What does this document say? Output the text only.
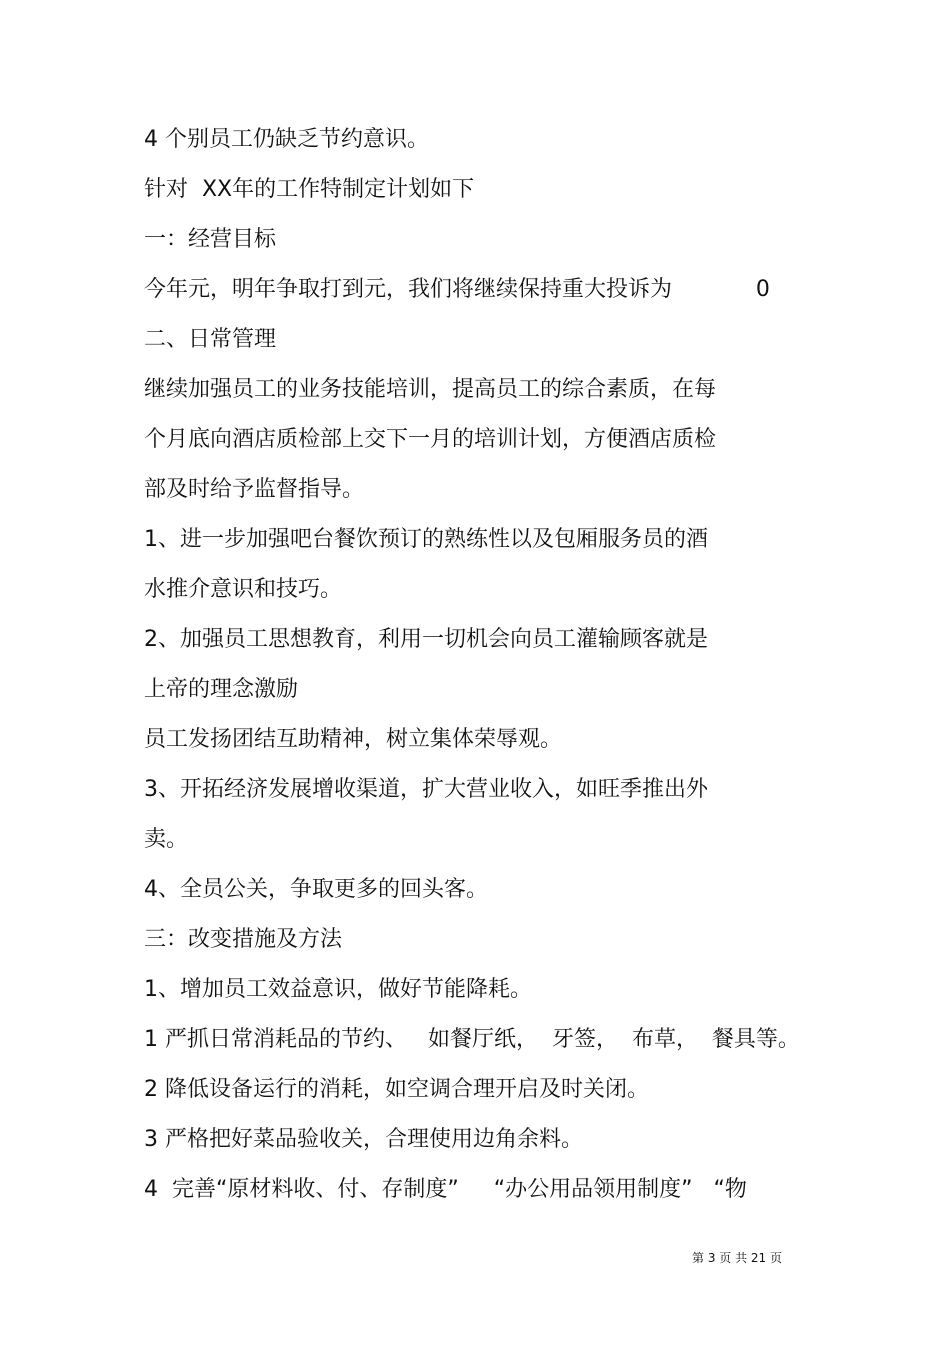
4 个别员工仍缺乏节约意识。
针对  XX年的工作特制定计划如下
一：经营目标
今年元，明年争取打到元，我们将继续保持重大投诉为            0
二、日常管理
继续加强员工的业务技能培训，提高员工的综合素质，在每
个月底向酒店质检部上交下一月的培训计划，方便酒店质检
部及时给予监督指导。
1、进一步加强吧台餐饮预订的熟练性以及包厢服务员的酒
水推介意识和技巧。
2、加强员工思想教育，利用一切机会向员工灌输顾客就是
上帝的理念激励
员工发扬团结互助精神，树立集体荣辱观。
3、开拓经济发展增收渠道，扩大营业收入，如旺季推出外
卖。
4、全员公关，争取更多的回头客。
三：改变措施及方法
1、增加员工效益意识，做好节能降耗。
1 严抓日常消耗品的节约、   如餐厅纸，  牙签，  布草，  餐具等。
2 降低设备运行的消耗，如空调合理开启及时关闭。
3 严格把好菜品验收关，合理使用边角余料。
4  完善“原材料收、付、存制度”     “办公用品领用制度”   “物
第 3 页 共 21 页
